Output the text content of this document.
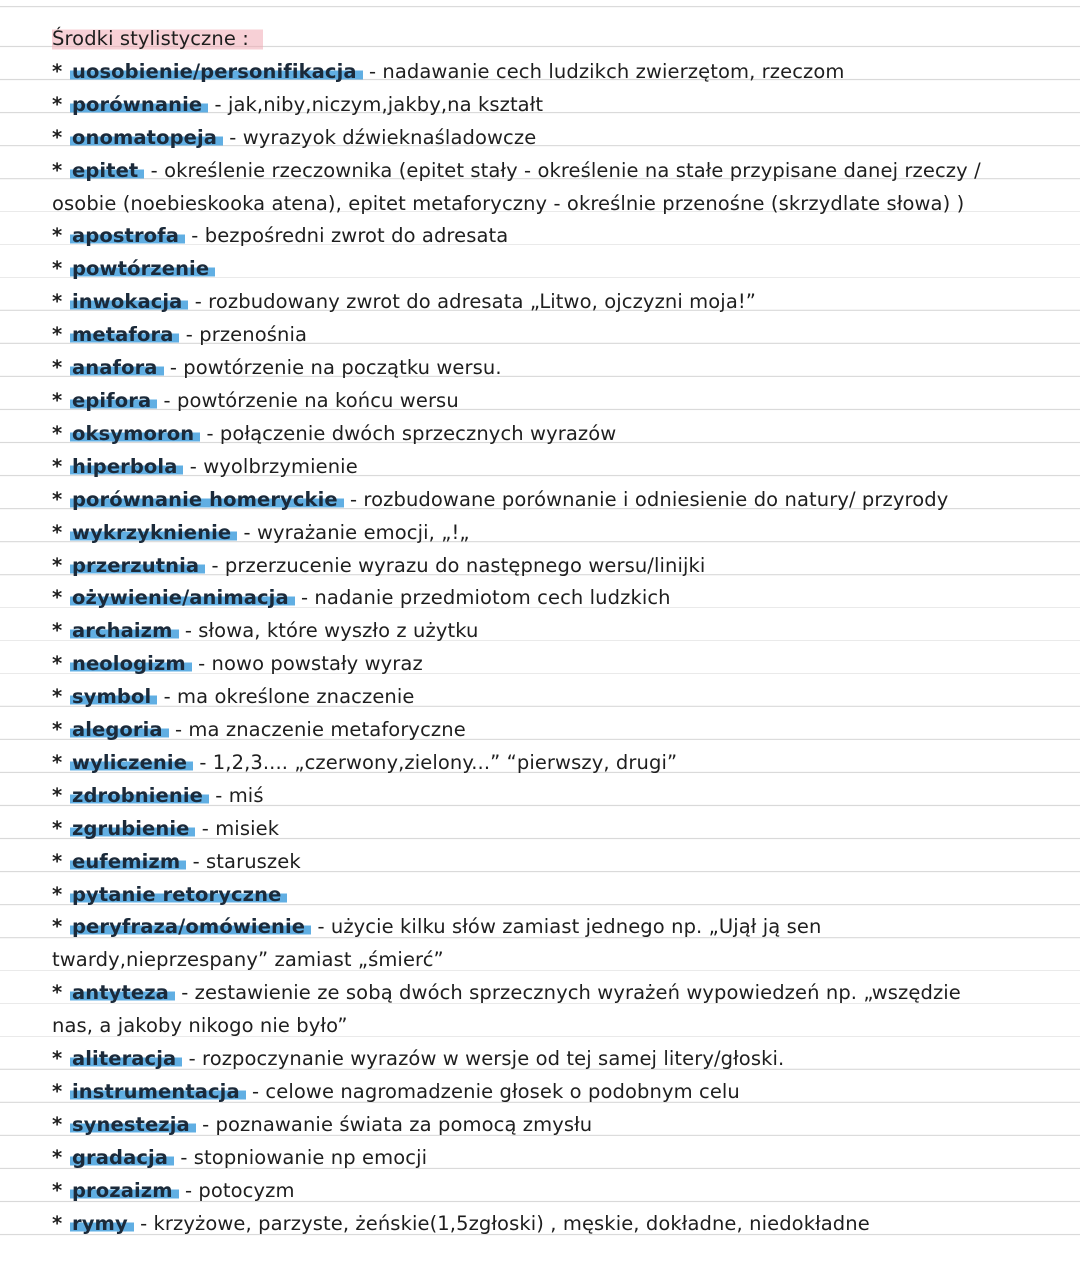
Środki stylistyczne :
* uosobienie/personifikacja - nadawanie cech ludzikch zwierzętom, rzeczom
* porównanie - jak,niby,niczym,jakby,na kształt
* onomatopeja - wyrazyok dźwieknaśladowcze
* epitet - określenie rzeczownika (epitet stały - określenie na stałe przypisane danej rzeczy /
osobie (noebieskooka atena), epitet metaforyczny - określnie przenośne (skrzydlate słowa) )
* apostrofa - bezpośredni zwrot do adresata
* powtórzenie
* inwokacja - rozbudowany zwrot do adresata „Litwo, ojczyzni moja!”
* metafora - przenośnia
* anafora - powtórzenie na początku wersu.
* epifora - powtórzenie na końcu wersu
* oksymoron - połączenie dwóch sprzecznych wyrazów
* hiperbola - wyolbrzymienie
* porównanie homeryckie - rozbudowane porównanie i odniesienie do natury/ przyrody
* wykrzyknienie - wyrażanie emocji, „!„
* przerzutnia - przerzucenie wyrazu do następnego wersu/linijki
* ożywienie/animacja - nadanie przedmiotom cech ludzkich
* archaizm - słowa, które wyszło z użytku
* neologizm - nowo powstały wyraz
* symbol - ma określone znaczenie
* alegoria - ma znaczenie metaforyczne
* wyliczenie - 1,2,3.... „czerwony,zielony...” “pierwszy, drugi”
* zdrobnienie - miś
* zgrubienie - misiek
* eufemizm - staruszek
* pytanie retoryczne
* peryfraza/omówienie - użycie kilku słów zamiast jednego np. „Ujął ją sen
twardy,nieprzespany” zamiast „śmierć”
* antyteza - zestawienie ze sobą dwóch sprzecznych wyrażeń wypowiedzeń np. „wszędzie
nas, a jakoby nikogo nie było”
* aliteracja - rozpoczynanie wyrazów w wersje od tej samej litery/głoski.
* instrumentacja - celowe nagromadzenie głosek o podobnym celu
* synestezja - poznawanie świata za pomocą zmysłu
* gradacja - stopniowanie np emocji
* prozaizm - potocyzm
* rymy - krzyżowe, parzyste, żeńskie(1,5zgłoski) , męskie, dokładne, niedokładne
